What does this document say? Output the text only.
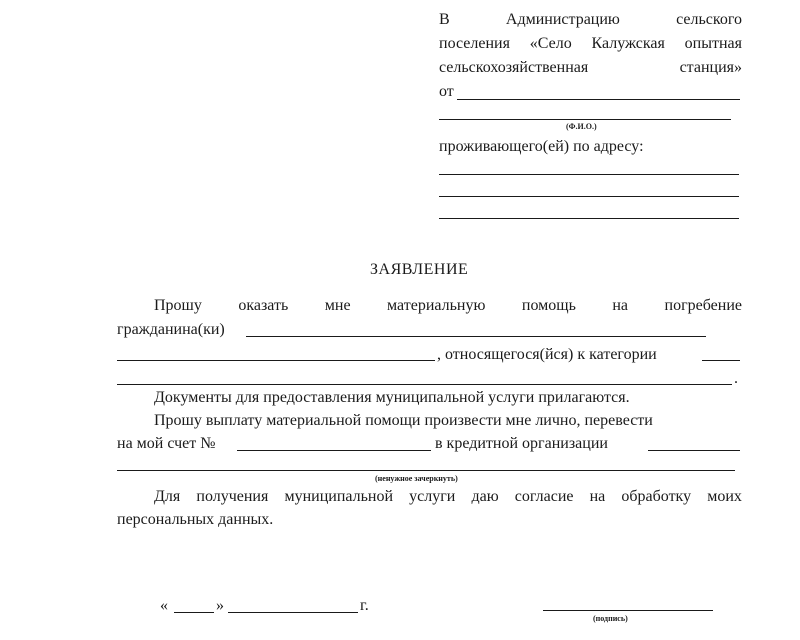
В	Администрацию	сельского
поселения «Село Калужская опытная
сельскохозяйственная	станция»
от
(Ф.И.О.)
проживающего(ей) по адресу:
ЗАЯВЛЕНИЕ
Прошу оказать мне материальную помощь на погребение
гражданина(ки)
, относящегося(йся) к категории
.
Документы для предоставления муниципальной услуги прилагаются.
Прошу выплату материальной помощи произвести мне лично, перевести
на мой счет №	в кредитной организации
(ненужное зачеркнуть)
Для получения муниципальной услуги даю согласие на обработку моих
персональных данных.
«	»	г.
(подпись)
